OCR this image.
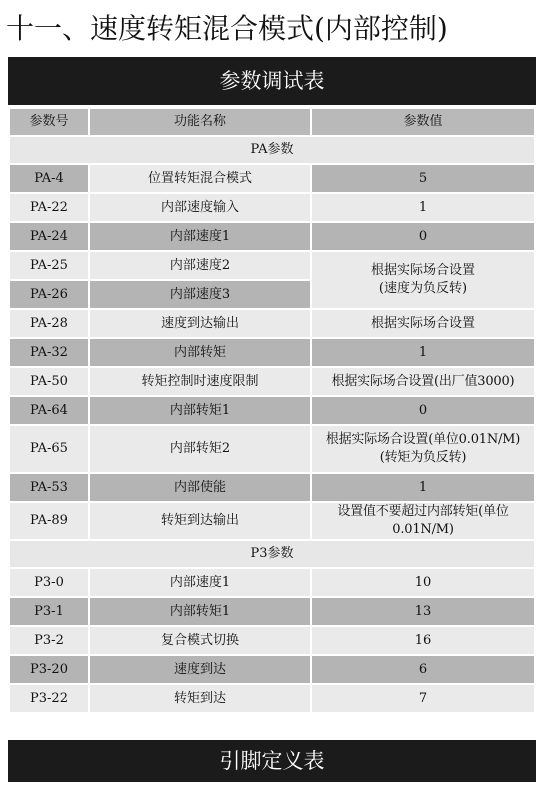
十一、速度转矩混合模式(内部控制)
参数调试表
参数号	功能名称	参数值
PA参数		
PA-4	位置转矩混合模式	5
PA-22	内部速度输入	1
PA-24	内部速度1	0
PA-25	内部速度2	根据实际场合设置
(速度为负反转)

PA-26	内部速度3	
PA-28	速度到达输出	根据实际场合设置
PA-32	内部转矩	1
PA-50	转矩控制时速度限制	根据实际场合设置(出厂值3000)
PA-64	内部转矩1	0
PA-65	内部转矩2	根据实际场合设置(单位0.01N/M)
(转矩为负反转)

PA-53	内部使能	1
PA-89	转矩到达输出	设置值不要超过内部转矩(单位0.01N/M)
P3参数		
P3-0	内部速度1	10
P3-1	内部转矩1	13
P3-2	复合模式切换	16
P3-20	速度到达	6
P3-22	转矩到达	7
引脚定义表
